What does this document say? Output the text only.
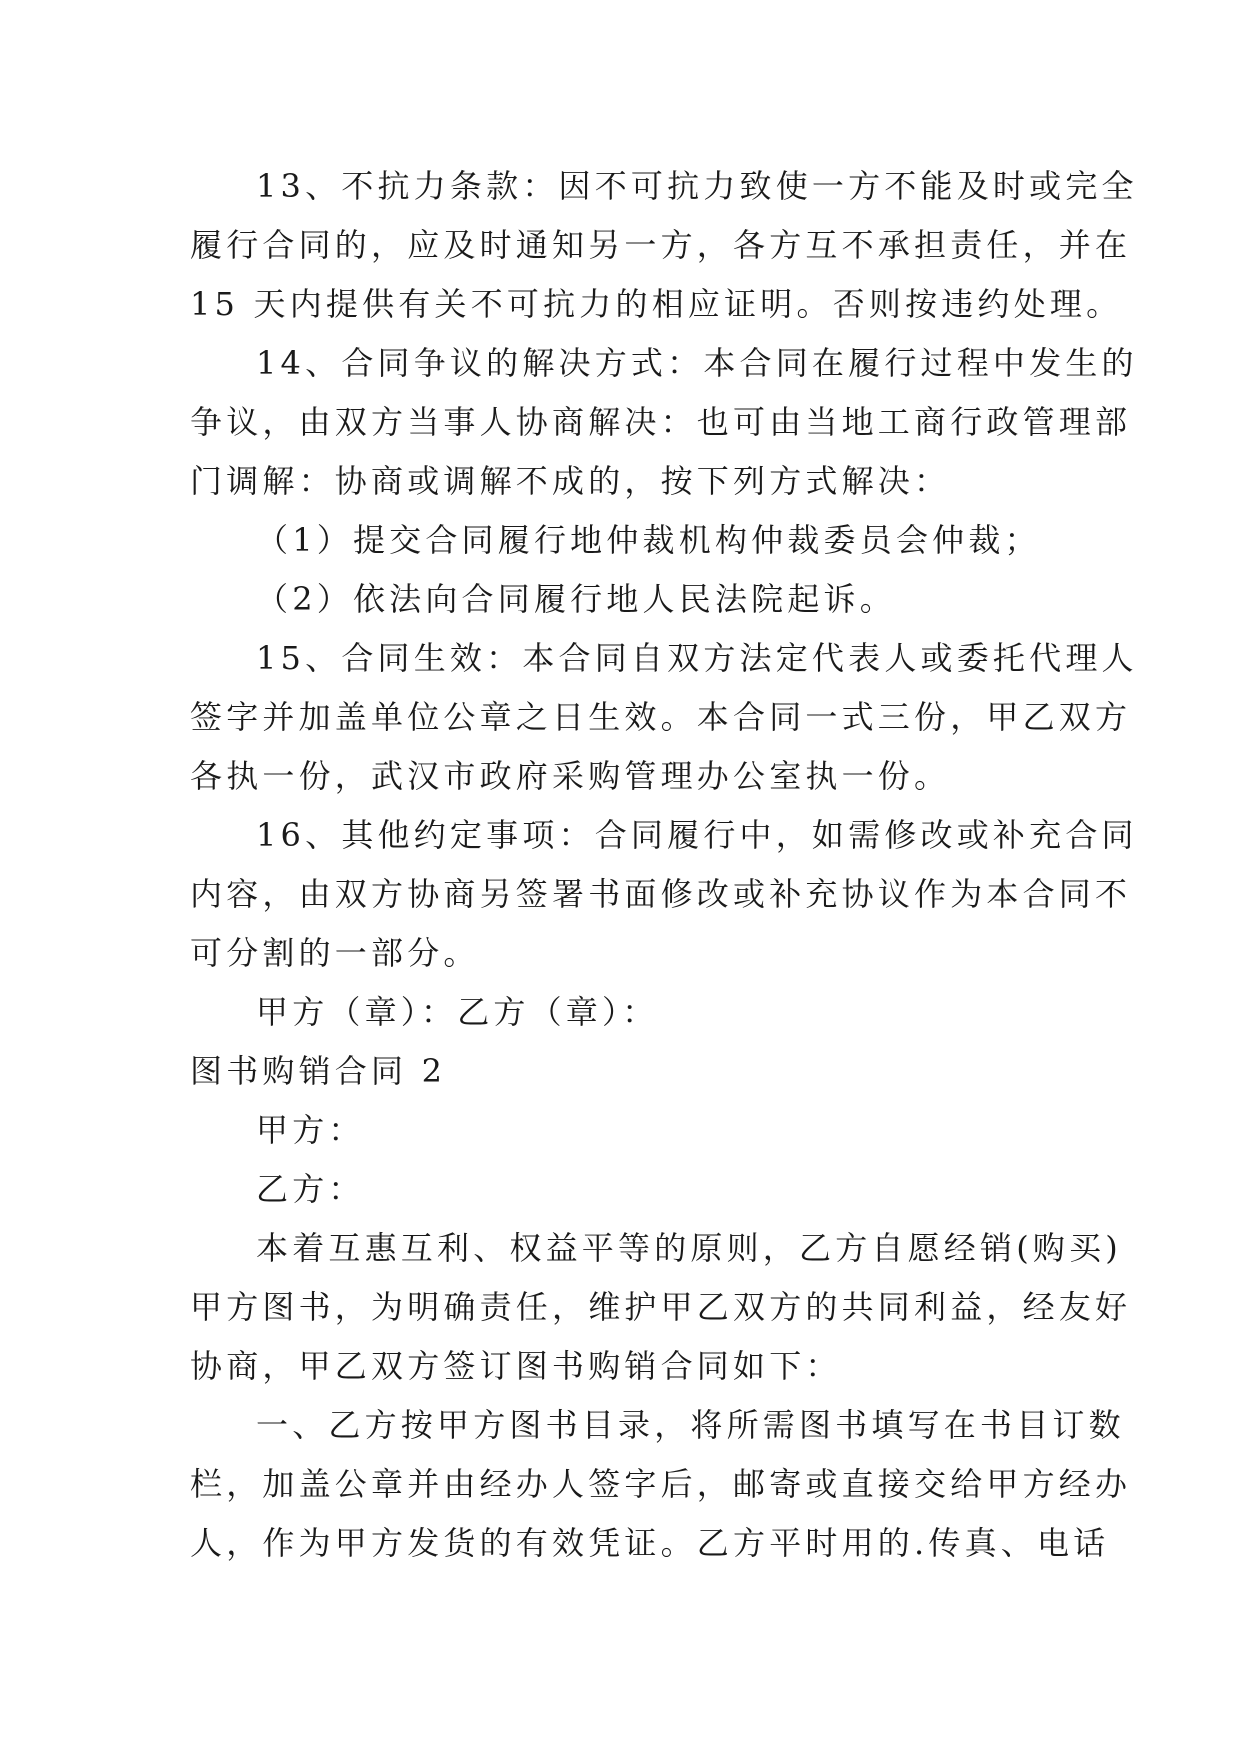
13、不抗力条款：因不可抗力致使一方不能及时或完全
履行合同的，应及时通知另一方，各方互不承担责任，并在
15 天内提供有关不可抗力的相应证明。否则按违约处理。
14、合同争议的解决方式：本合同在履行过程中发生的
争议，由双方当事人协商解决：也可由当地工商行政管理部
门调解：协商或调解不成的，按下列方式解决：
（1）提交合同履行地仲裁机构仲裁委员会仲裁；
（2）依法向合同履行地人民法院起诉。
15、合同生效：本合同自双方法定代表人或委托代理人
签字并加盖单位公章之日生效。本合同一式三份，甲乙双方
各执一份，武汉市政府采购管理办公室执一份。
16、其他约定事项：合同履行中，如需修改或补充合同
内容，由双方协商另签署书面修改或补充协议作为本合同不
可分割的一部分。
甲方（章）：乙方（章）：
图书购销合同 2
甲方：
乙方：
本着互惠互利、权益平等的原则，乙方自愿经销(购买)
甲方图书，为明确责任，维护甲乙双方的共同利益，经友好
协商，甲乙双方签订图书购销合同如下：
一、乙方按甲方图书目录，将所需图书填写在书目订数
栏，加盖公章并由经办人签字后，邮寄或直接交给甲方经办
人，作为甲方发货的有效凭证。乙方平时用的.传真、电话
